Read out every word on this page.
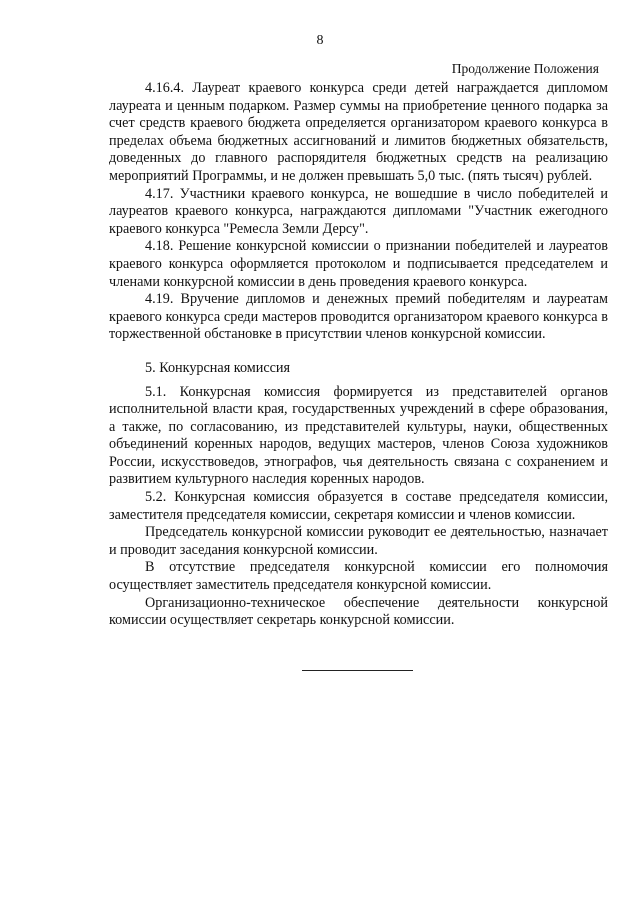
8
Продолжение Положения

4.16.4. Лауреат краевого конкурса среди детей награждается дипломом лауреата и ценным подарком. Размер суммы на приобретение ценного подарка за счет средств краевого бюджета определяется организатором краевого конкурса в пределах объема бюджетных ассигнований и лимитов бюджетных обязательств, доведенных до главного распорядителя бюджетных средств на реализацию мероприятий Программы, и не должен превышать 5,0 тыс. (пять тысяч) рублей.

4.17. Участники краевого конкурса, не вошедшие в число победителей и лауреатов краевого конкурса, награждаются дипломами "Участник ежегодного краевого конкурса "Ремесла Земли Дерсу".

4.18. Решение конкурсной комиссии о признании победителей и лауреатов краевого конкурса оформляется протоколом и подписывается председателем и членами конкурсной комиссии в день проведения краевого конкурса.

4.19. Вручение дипломов и денежных премий победителям и лауреатам краевого конкурса среди мастеров проводится организатором краевого конкурса в торжественной обстановке в присутствии членов конкурсной комиссии.

5. Конкурсная комиссия

5.1. Конкурсная комиссия формируется из представителей органов исполнительной власти края, государственных учреждений в сфере образования, а также, по согласованию, из представителей культуры, науки, общественных объединений коренных народов, ведущих мастеров, членов Союза художников России, искусствоведов, этнографов, чья деятельность связана с сохранением и развитием культурного наследия коренных народов.

5.2. Конкурсная комиссия образуется в составе председателя комиссии, заместителя председателя комиссии, секретаря комиссии и членов комиссии.

Председатель конкурсной комиссии руководит ее деятельностью, назначает и проводит заседания конкурсной комиссии.

В отсутствие председателя конкурсной комиссии его полномочия осуществляет заместитель председателя конкурсной комиссии.

Организационно-техническое обеспечение деятельности конкурсной комиссии осуществляет секретарь конкурсной комиссии.
